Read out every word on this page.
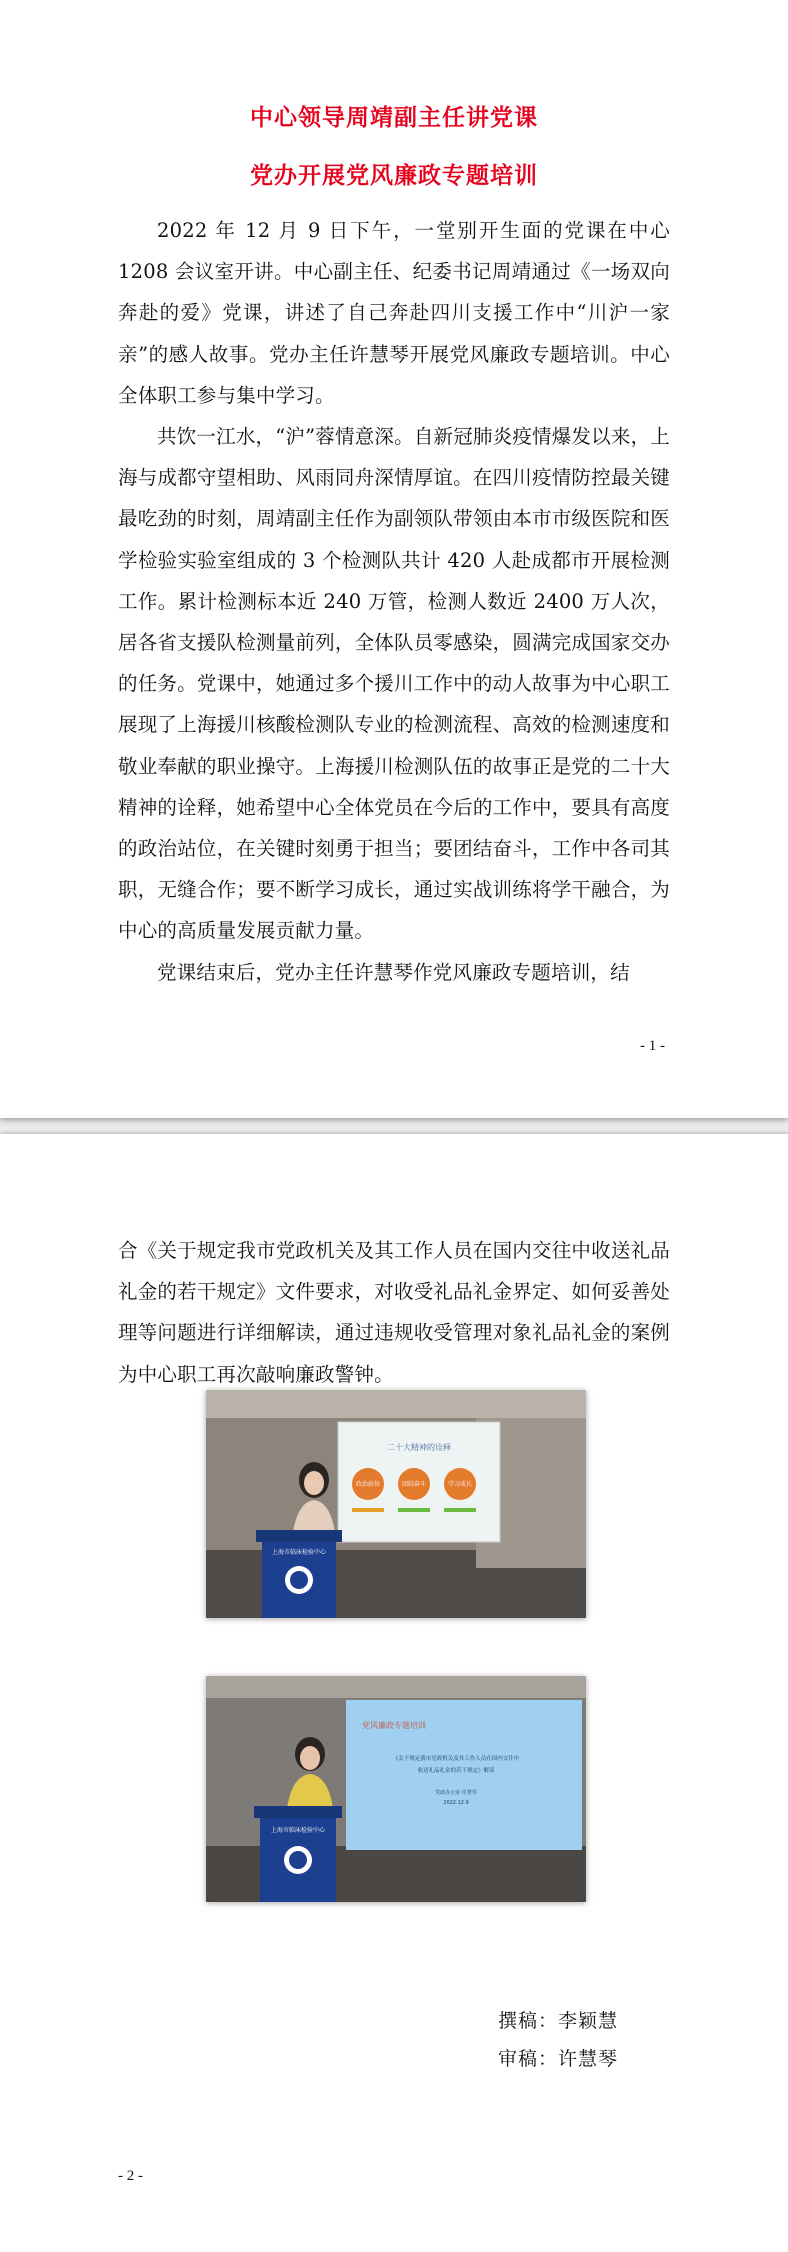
中心领导周靖副主任讲党课
党办开展党风廉政专题培训

2022 年 12 月 9 日下午，一堂别开生面的党课在中心 1208 会议室开讲。中心副主任、纪委书记周靖通过《一场双向奔赴的爱》党课，讲述了自己奔赴四川支援工作中“川沪一家亲”的感人故事。党办主任许慧琴开展党风廉政专题培训。中心全体职工参与集中学习。

共饮一江水，“沪”蓉情意深。自新冠肺炎疫情爆发以来，上海与成都守望相助、风雨同舟深情厚谊。在四川疫情防控最关键最吃劲的时刻，周靖副主任作为副领队带领由本市市级医院和医学检验实验室组成的 3 个检测队共计 420 人赴成都市开展检测工作。累计检测标本近 240 万管，检测人数近 2400 万人次，居各省支援队检测量前列，全体队员零感染，圆满完成国家交办的任务。党课中，她通过多个援川工作中的动人故事为中心职工展现了上海援川核酸检测队专业的检测流程、高效的检测速度和敬业奉献的职业操守。上海援川检测队伍的故事正是党的二十大精神的诠释，她希望中心全体党员在今后的工作中，要具有高度的政治站位，在关键时刻勇于担当；要团结奋斗，工作中各司其职，无缝合作；要不断学习成长，通过实战训练将学干融合，为中心的高质量发展贡献力量。

党课结束后，党办主任许慧琴作党风廉政专题培训，结

- 1 -

合《关于规定我市党政机关及其工作人员在国内交往中收送礼品礼金的若干规定》文件要求，对收受礼品礼金界定、如何妥善处理等问题进行详细解读，通过违规收受管理对象礼品礼金的案例为中心职工再次敲响廉政警钟。

二十大精神的诠释
政治站位	团结奋斗	学习成长
上海市临床检验中心
党风廉政专题培训
《关于规定我市党政机关及其工作人员在国内交往中
收送礼品礼金的若干规定》解读
党政办公室 许慧琴
2022.12.9
上海市临床检验中心
撰稿：李颖慧
审稿：许慧琴
- 2 -
